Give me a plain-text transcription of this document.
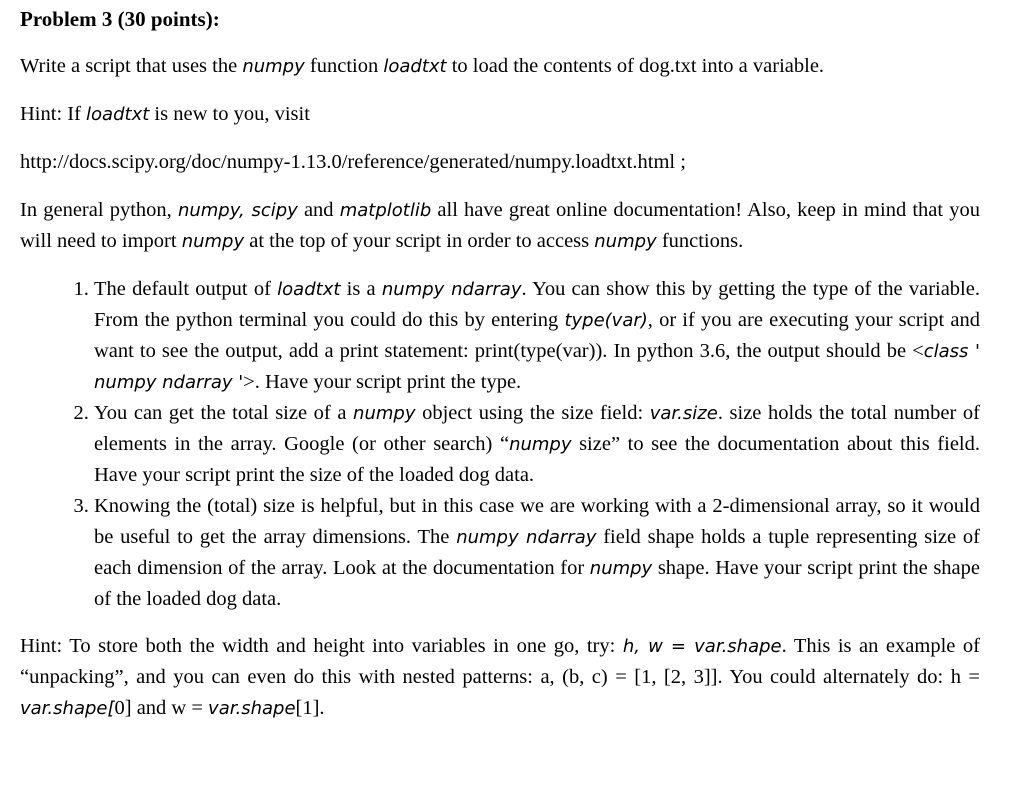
Problem 3 (30 points):

Write a script that uses the numpy function loadtxt to load the contents of dog.txt into a variable.

Hint: If loadtxt is new to you, visit

http://docs.scipy.org/doc/numpy-1.13.0/reference/generated/numpy.loadtxt.html ;

In general python, numpy, scipy and matplotlib all have great online documentation! Also, keep in mind that you will need to import numpy at the top of your script in order to access numpy functions.

1. The default output of loadtxt is a numpy ndarray. You can show this by getting the type of the variable. From the python terminal you could do this by entering type(var), or if you are executing your script and want to see the output, add a print statement: print(type(var)). In python 3.6, the output should be <class ' numpy ndarray '>. Have your script print the type.
2. You can get the total size of a numpy object using the size field: var.size. size holds the total number of elements in the array. Google (or other search) “numpy size” to see the documentation about this field. Have your script print the size of the loaded dog data.
3. Knowing the (total) size is helpful, but in this case we are working with a 2-dimensional array, so it would be useful to get the array dimensions. The numpy ndarray field shape holds a tuple representing size of each dimension of the array. Look at the documentation for numpy shape. Have your script print the shape of the loaded dog data.

Hint: To store both the width and height into variables in one go, try: h, w = var.shape. This is an example of “unpacking”, and you can even do this with nested patterns: a, (b, c) = [1, [2, 3]]. You could alternately do: h = var.shape[0] and w = var.shape[1].
